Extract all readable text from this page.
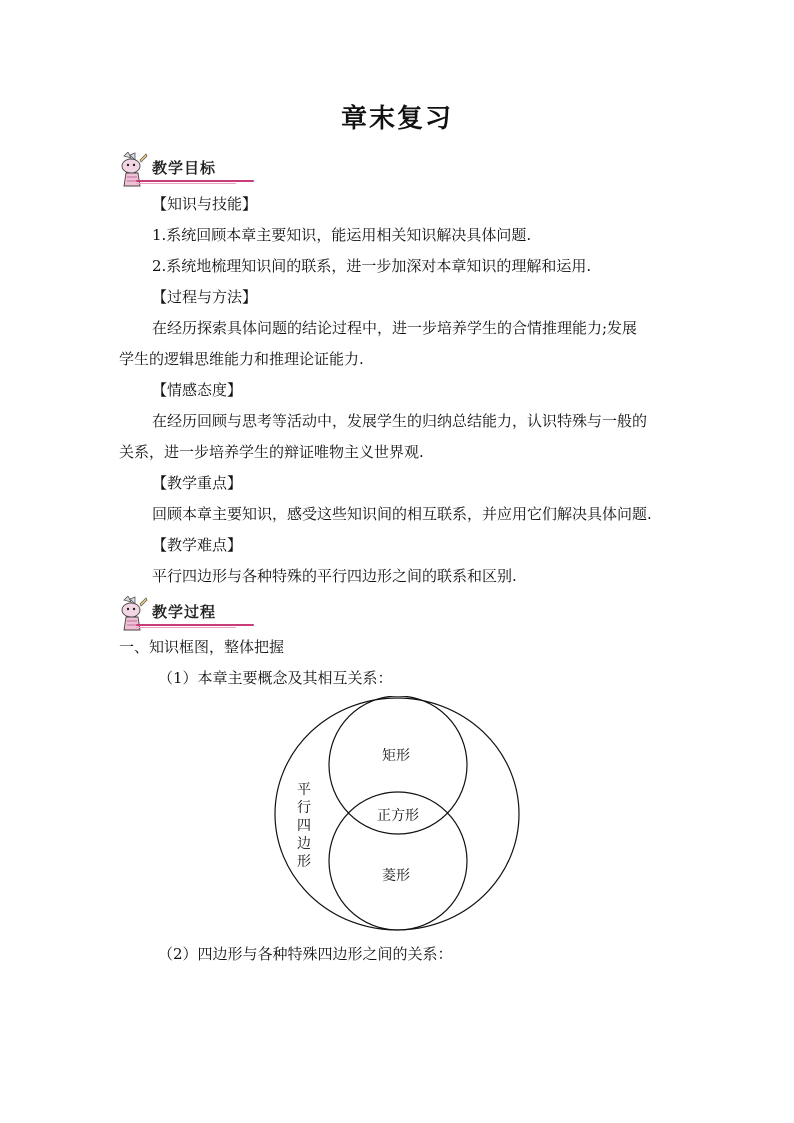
章末复习
教学目标
【知识与技能】
1.系统回顾本章主要知识，能运用相关知识解决具体问题.
2.系统地梳理知识间的联系，进一步加深对本章知识的理解和运用.
【过程与方法】
在经历探索具体问题的结论过程中，进一步培养学生的合情推理能力;发展
学生的逻辑思维能力和推理论证能力.
【情感态度】
在经历回顾与思考等活动中，发展学生的归纳总结能力，认识特殊与一般的
关系，进一步培养学生的辩证唯物主义世界观.
【教学重点】
回顾本章主要知识，感受这些知识间的相互联系，并应用它们解决具体问题.
【教学难点】
平行四边形与各种特殊的平行四边形之间的联系和区别.
教学过程
一、知识框图，整体把握
（1）本章主要概念及其相互关系：
平
行
四
边
形
矩形
正方形
菱形
（2）四边形与各种特殊四边形之间的关系：
